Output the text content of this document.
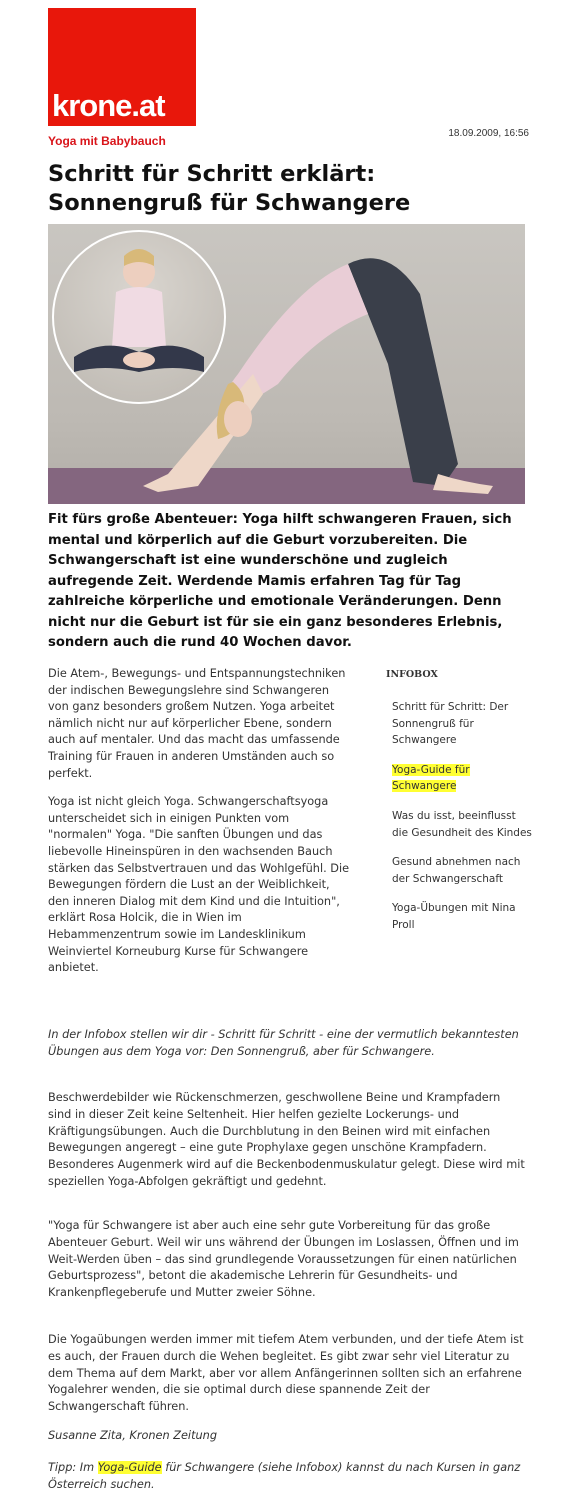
krone.at
Yoga mit Babybauch
18.09.2009, 16:56
Schritt für Schritt erklärt:
Sonnengruß für Schwangere

Fit fürs große Abenteuer: Yoga hilft schwangeren Frauen, sich mental und körperlich auf die Geburt vorzubereiten. Die Schwangerschaft ist eine wunderschöne und zugleich aufregende Zeit. Werdende Mamis erfahren Tag für Tag zahlreiche körperliche und emotionale Veränderungen. Denn nicht nur die Geburt ist für sie ein ganz besonderes Erlebnis, sondern auch die rund 40 Wochen davor.

Die Atem-, Bewegungs- und Entspannungstechniken der indischen Bewegungslehre sind Schwangeren von ganz besonders großem Nutzen. Yoga arbeitet nämlich nicht nur auf körperlicher Ebene, sondern auch auf mentaler. Und das macht das umfassende Training für Frauen in anderen Umständen auch so perfekt.

Yoga ist nicht gleich Yoga. Schwangerschaftsyoga unterscheidet sich in einigen Punkten vom "normalen" Yoga. "Die sanften Übungen und das liebevolle Hineinspüren in den wachsenden Bauch stärken das Selbstvertrauen und das Wohlgefühl. Die Bewegungen fördern die Lust an der Weiblichkeit, den inneren Dialog mit dem Kind und die Intuition", erklärt Rosa Holcik, die in Wien im Hebammenzentrum sowie im Landesklinikum Weinviertel Korneuburg Kurse für Schwangere anbietet.

INFOBOX
Schritt für Schritt: Der Sonnengruß für Schwangere
Yoga-Guide für Schwangere
Was du isst, beeinflusst die Gesundheit des Kindes
Gesund abnehmen nach der Schwangerschaft
Yoga-Übungen mit Nina Proll

In der Infobox stellen wir dir - Schritt für Schritt - eine der vermutlich bekanntesten Übungen aus dem Yoga vor: Den Sonnengruß, aber für Schwangere.

Beschwerdebilder wie Rückenschmerzen, geschwollene Beine und Krampfadern sind in dieser Zeit keine Seltenheit. Hier helfen gezielte Lockerungs- und Kräftigungsübungen. Auch die Durchblutung in den Beinen wird mit einfachen Bewegungen angeregt – eine gute Prophylaxe gegen unschöne Krampfadern. Besonderes Augenmerk wird auf die Beckenbodenmuskulatur gelegt. Diese wird mit speziellen Yoga-Abfolgen gekräftigt und gedehnt.

"Yoga für Schwangere ist aber auch eine sehr gute Vorbereitung für das große Abenteuer Geburt. Weil wir uns während der Übungen im Loslassen, Öffnen und im Weit-Werden üben – das sind grundlegende Voraussetzungen für einen natürlichen Geburtsprozess", betont die akademische Lehrerin für Gesundheits- und Krankenpflegeberufe und Mutter zweier Söhne.

Die Yogaübungen werden immer mit tiefem Atem verbunden, und der tiefe Atem ist es auch, der Frauen durch die Wehen begleitet. Es gibt zwar sehr viel Literatur zu dem Thema auf dem Markt, aber vor allem Anfängerinnen sollten sich an erfahrene Yogalehrer wenden, die sie optimal durch diese spannende Zeit der Schwangerschaft führen.

Susanne Zita, Kronen Zeitung

Tipp: Im Yoga-Guide für Schwangere (siehe Infobox) kannst du nach Kursen in ganz Österreich suchen.
